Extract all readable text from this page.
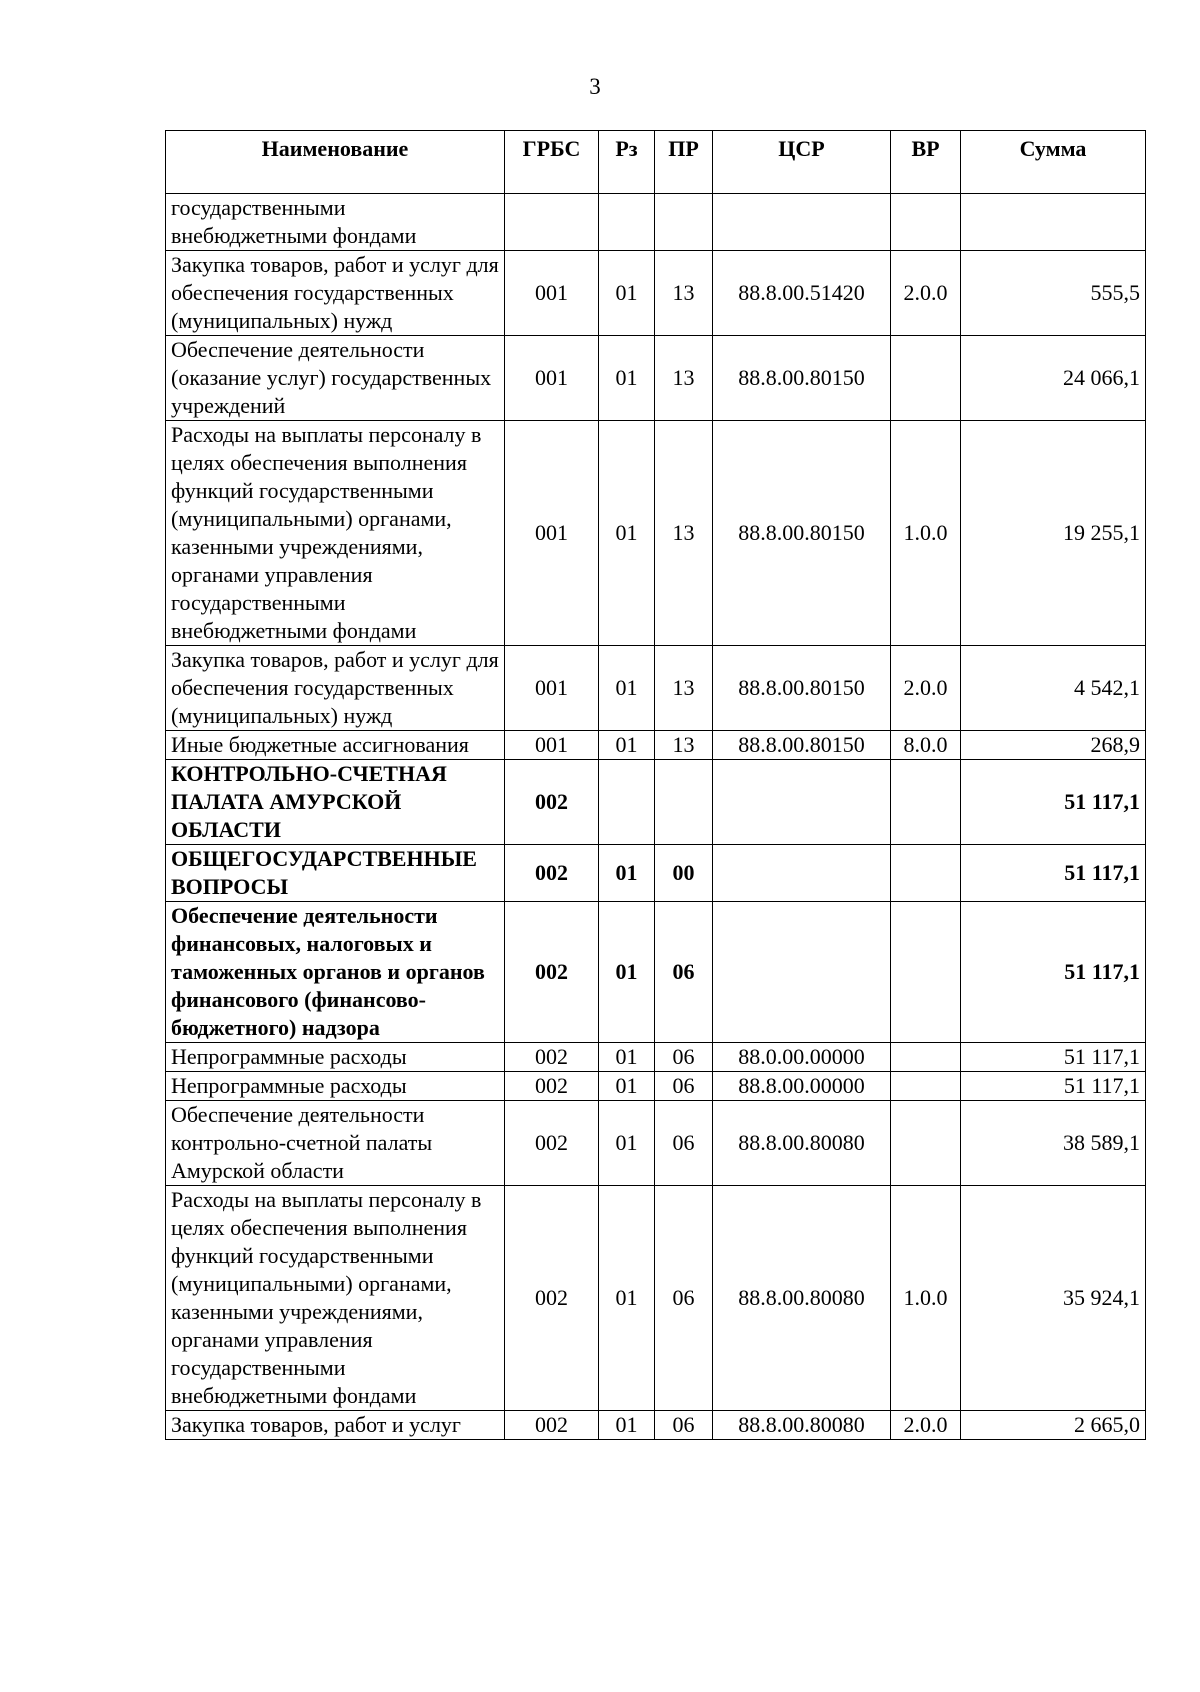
3
Наименование	ГРБС	Рз	ПР	ЦСР	ВР	Сумма
государственными внебюджетными фондами						
Закупка товаров, работ и услуг для обеспечения государственных (муниципальных) нужд	001	01	13	88.8.00.51420	2.0.0	555,5
Обеспечение деятельности (оказание услуг) государственных учреждений	001	01	13	88.8.00.80150		24 066,1
Расходы на выплаты персоналу в целях обеспечения выполнения функций государственными (муниципальными) органами, казенными учреждениями, органами управления государственными внебюджетными фондами	001	01	13	88.8.00.80150	1.0.0	19 255,1
Закупка товаров, работ и услуг для обеспечения государственных (муниципальных) нужд	001	01	13	88.8.00.80150	2.0.0	4 542,1
Иные бюджетные ассигнования	001	01	13	88.8.00.80150	8.0.0	268,9
КОНТРОЛЬНО-СЧЕТНАЯ ПАЛАТА АМУРСКОЙ ОБЛАСТИ	002					51 117,1
ОБЩЕГОСУДАРСТВЕННЫЕ ВОПРОСЫ	002	01	00			51 117,1
Обеспечение деятельности финансовых, налоговых и таможенных органов и органов финансового (финансово-бюджетного) надзора	002	01	06			51 117,1
Непрограммные расходы	002	01	06	88.0.00.00000		51 117,1
Непрограммные расходы	002	01	06	88.8.00.00000		51 117,1
Обеспечение деятельности контрольно-счетной палаты Амурской области	002	01	06	88.8.00.80080		38 589,1
Расходы на выплаты персоналу в целях обеспечения выполнения функций государственными (муниципальными) органами, казенными учреждениями, органами управления государственными внебюджетными фондами	002	01	06	88.8.00.80080	1.0.0	35 924,1
Закупка товаров, работ и услуг	002	01	06	88.8.00.80080	2.0.0	2 665,0
